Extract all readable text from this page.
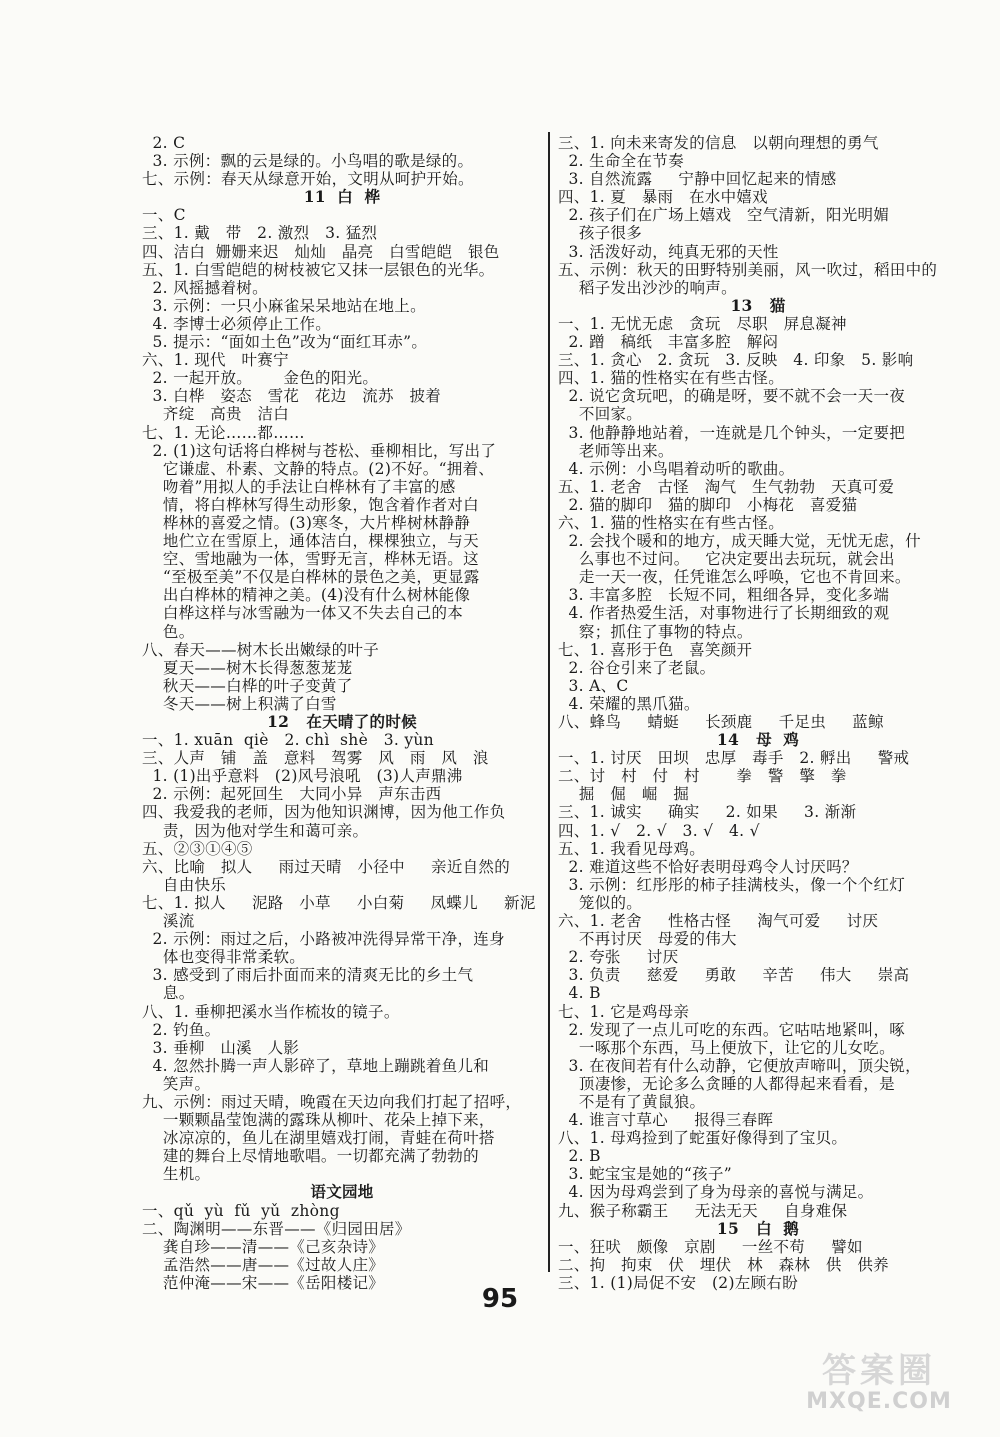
2. C
3. 示例：飘的云是绿的。小鸟唱的歌是绿的。
七、示例：春天从绿意开始，文明从呵护开始。
11  白  桦
一、C
三、1. 戴   带   2. 激烈   3. 猛烈
四、洁白  姗姗来迟   灿灿   晶亮   白雪皑皑   银色
五、1. 白雪皑皑的树枝被它又抹一层银色的光华。
2. 风摇撼着树。
3. 示例：一只小麻雀呆呆地站在地上。
4. 李博士必须停止工作。
5. 提示：“面如土色”改为“面红耳赤”。
六、1. 现代   叶赛宁
2. 一起开放。      金色的阳光。
3. 白桦   姿态   雪花   花边   流苏   披着
齐绽   高贵   洁白
七、1. 无论……都……
2. (1)这句话将白桦树与苍松、垂柳相比，写出了
它谦虚、朴素、文静的特点。(2)不好。“拥着、
吻着”用拟人的手法让白桦林有了丰富的感
情，将白桦林写得生动形象，饱含着作者对白
桦林的喜爱之情。(3)寒冬，大片桦树林静静
地伫立在雪原上，通体洁白，棵棵独立，与天
空、雪地融为一体，雪野无言，桦林无语。这
“至极至美”不仅是白桦林的景色之美，更显露
出白桦林的精神之美。(4)没有什么树林能像
白桦这样与冰雪融为一体又不失去自己的本
色。
八、春天——树木长出嫩绿的叶子
夏天——树木长得葱葱茏茏
秋天——白桦的叶子变黄了
冬天——树上积满了白雪
12   在天晴了的时候
一、1. xuān  qiè   2. chì  shè   3. yùn
三、人声   铺   盖   意料   驾雾   风   雨   风   浪
1. (1)出乎意料   (2)风号浪吼   (3)人声鼎沸
2. 示例：起死回生   大同小异   声东击西
四、我爱我的老师，因为他知识渊博，因为他工作负
责，因为他对学生和蔼可亲。
五、②③①④⑤
六、比喻   拟人     雨过天晴   小径中     亲近自然的
自由快乐
七、1. 拟人     泥路   小草     小白菊     凤蝶儿     新泥
溪流
2. 示例：雨过之后，小路被冲洗得异常干净，连身
体也变得非常柔软。
3. 感受到了雨后扑面而来的清爽无比的乡土气
息。
八、1. 垂柳把溪水当作梳妆的镜子。
2. 钓鱼。
3. 垂柳   山溪   人影
4. 忽然扑腾一声人影碎了，草地上蹦跳着鱼儿和
笑声。
九、示例：雨过天晴，晚霞在天边向我们打起了招呼，
一颗颗晶莹饱满的露珠从柳叶、花朵上掉下来，
冰凉凉的，鱼儿在湖里嬉戏打闹，青蛙在荷叶搭
建的舞台上尽情地歌唱。一切都充满了勃勃的
生机。
语文园地
一、qǔ  yù  fǔ  yǔ  zhòng
二、陶渊明——东晋——《归园田居》
龚自珍——清——《己亥杂诗》
孟浩然——唐——《过故人庄》
范仲淹——宋——《岳阳楼记》
三、1. 向未来寄发的信息   以朝向理想的勇气
2. 生命全在节奏
3. 自然流露     宁静中回忆起来的情感
四、1. 夏   暴雨   在水中嬉戏
2. 孩子们在广场上嬉戏   空气清新，阳光明媚
孩子很多
3. 活泼好动，纯真无邪的天性
五、示例：秋天的田野特别美丽，风一吹过，稻田中的
稻子发出沙沙的响声。
13   猫
一、1. 无忧无虑   贪玩   尽职   屏息凝神
2. 蹭   稿纸   丰富多腔   解闷
三、1. 贪心   2. 贪玩   3. 反映   4. 印象   5. 影响
四、1. 猫的性格实在有些古怪。
2. 说它贪玩吧，的确是呀，要不就不会一天一夜
不回家。
3. 他静静地站着，一连就是几个钟头，一定要把
老师等出来。
4. 示例：小鸟唱着动听的歌曲。
五、1. 老舍   古怪   淘气   生气勃勃   天真可爱
2. 猫的脚印   猫的脚印   小梅花   喜爱猫
六、1. 猫的性格实在有些古怪。
2. 会找个暖和的地方，成天睡大觉，无忧无虑，什
么事也不过问。   它决定要出去玩玩，就会出
走一天一夜，任凭谁怎么呼唤，它也不肯回来。
3. 丰富多腔   长短不同，粗细各异，变化多端
4. 作者热爱生活，对事物进行了长期细致的观
察；抓住了事物的特点。
七、1. 喜形于色   喜笑颜开
2. 谷仓引来了老鼠。
3. A、C
4. 荣耀的黑爪猫。
八、蜂鸟     蜻蜓     长颈鹿     千足虫     蓝鲸
14   母  鸡
一、1. 讨厌   田坝   忠厚   毒手   2. 孵出     警戒
二、讨   村   付   村       拳   警   擎   拳
掘   倔   崛   掘
三、1. 诚实     确实     2. 如果     3. 渐渐
四、1. √   2. √   3. √   4. √
五、1. 我看见母鸡。
2. 难道这些不恰好表明母鸡令人讨厌吗？
3. 示例：红彤彤的柿子挂满枝头，像一个个红灯
笼似的。
六、1. 老舍     性格古怪     淘气可爱     讨厌
不再讨厌   母爱的伟大
2. 夸张     讨厌
3. 负责     慈爱     勇敢     辛苦     伟大     崇高
4. B
七、1. 它是鸡母亲
2. 发现了一点儿可吃的东西。它咕咕地紧叫，啄
一啄那个东西，马上便放下，让它的儿女吃。
3. 在夜间若有什么动静，它便放声啼叫，顶尖锐，
顶凄惨，无论多么贪睡的人都得起来看看，是
不是有了黄鼠狼。
4. 谁言寸草心     报得三春晖
八、1. 母鸡捡到了蛇蛋好像得到了宝贝。
2. B
3. 蛇宝宝是她的“孩子”
4. 因为母鸡尝到了身为母亲的喜悦与满足。
九、猴子称霸王     无法无天     自身难保
15   白  鹅
一、狂吠   颇像   京剧     一丝不苟     譬如
二、拘   拘束   伏   埋伏   林   森林   供   供养
三、1. (1)局促不安   (2)左顾右盼
95
答案圈
MXQE.COM
